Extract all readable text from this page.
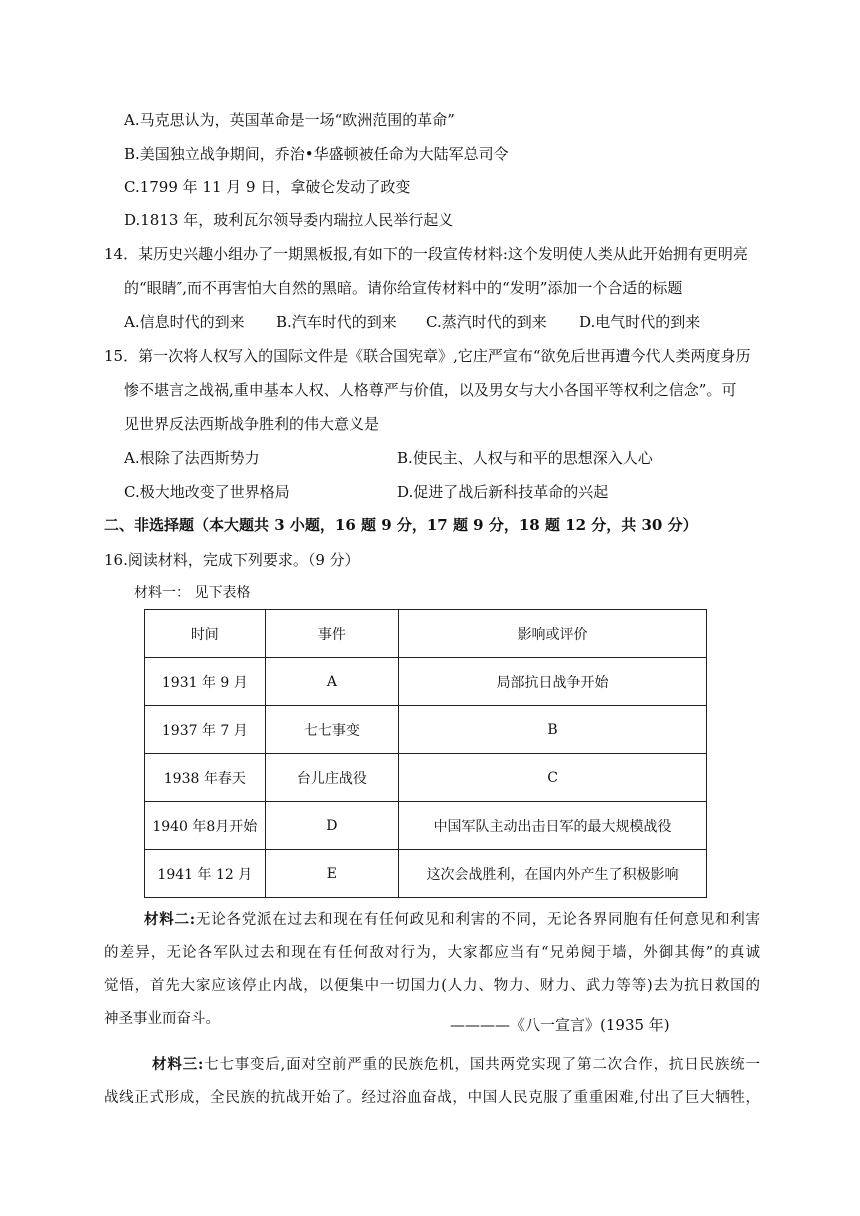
A.马克思认为，英国革命是一场“欧洲范围的革命”
B.美国独立战争期间，乔治•华盛顿被任命为大陆军总司令
C.1799 年 11 月 9 日，拿破仑发动了政变
D.1813 年，玻利瓦尔领导委内瑞拉人民举行起义
14．某历史兴趣小组办了一期黑板报,有如下的一段宣传材料:这个发明使人类从此开始拥有更明亮
的“眼睛″,而不再害怕大自然的黑暗。请你给宣传材料中的“发明”添加一个合适的标题
A.信息时代的到来 B.汽车时代的到来 C.蒸汽时代的到来 D.电气时代的到来
15．第一次将人权写入的国际文件是《联合国宪章》,它庄严宣布“欲免后世再遭今代人类两度身历
惨不堪言之战祸,重申基本人权、人格尊严与价值，以及男女与大小各国平等权利之信念”。可
见世界反法西斯战争胜利的伟大意义是
A.根除了法西斯势力	B.使民主、人权与和平的思想深入人心
C.极大地改变了世界格局	D.促进了战后新科技革命的兴起
二、非选择题（本大题共 3 小题，16 题 9 分，17 题 9 分，18 题 12 分，共 30 分）
16.阅读材料，完成下列要求。（9 分）
材料一： 见下表格
时间	事件	影响或评价
1931 年 9 月	A	局部抗日战争开始
1937 年 7 月	七七事变	B
1938 年春天	台儿庄战役	C
1940 年8月开始	D	中国军队主动出击日军的最大规模战役
1941 年 12 月	E	这次会战胜利，在国内外产生了积极影响
材料二:无论各党派在过去和现在有任何政见和利害的不同，无论各界同胞有任何意见和利害
的差异，无论各军队过去和现在有任何敌对行为，大家都应当有“兄弟阋于墙，外御其侮”的真诚
觉悟，首先大家应该停止内战，以便集中一切国力(人力、物力、财力、武力等等)去为抗日救国的
神圣事业而奋斗。	————《八一宣言》(1935 年)
材料三:七七事变后,面对空前严重的民族危机，国共两党实现了第二次合作，抗日民族统一
战线正式形成，全民族的抗战开始了。经过浴血奋战，中国人民克服了重重困难,付出了巨大牺牲，
